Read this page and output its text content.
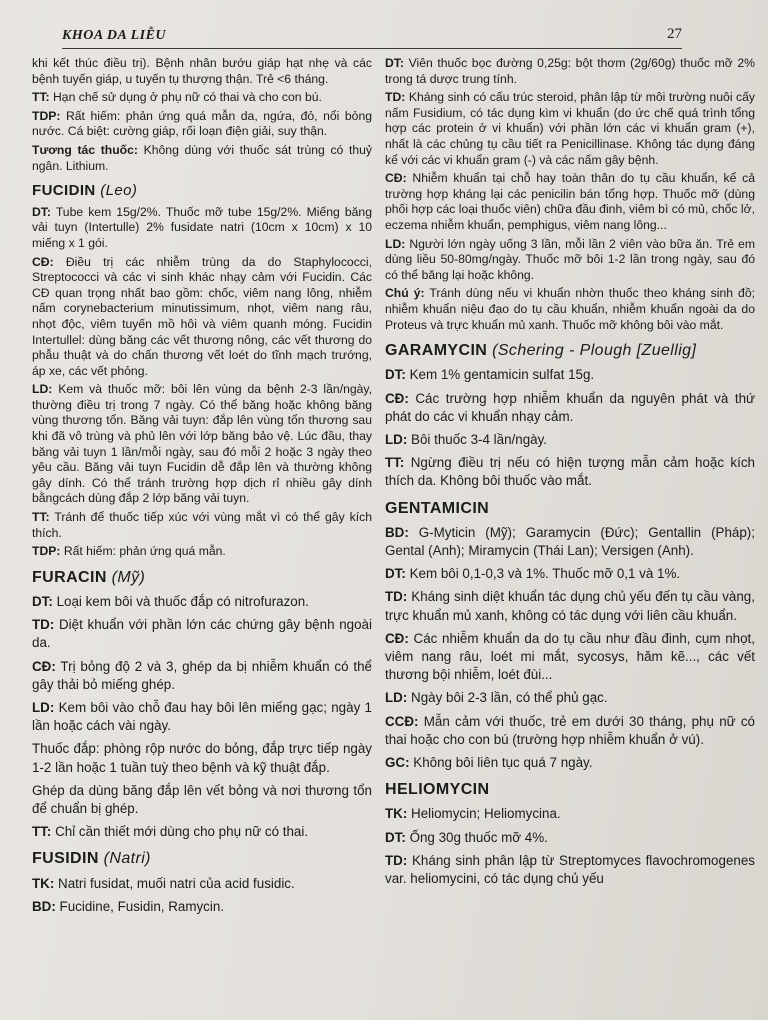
KHOA DA LIỄU	27
khi kết thúc điều trị). Bệnh nhân bướu giáp hạt nhẹ và các bệnh tuyến giáp, u tuyến tụ thượng thận. Trẻ <6 tháng.
TT: Hạn chế sử dụng ở phụ nữ có thai và cho con bú.
TDP: Rất hiếm: phản ứng quá mẫn da, ngứa, đỏ, nổi bỏng nước. Cá biệt: cường giáp, rối loạn điện giải, suy thận.
Tương tác thuốc: Không dùng với thuốc sát trùng có thuỷ ngân. Lithium.
FUCIDIN (Leo)
DT: Tube kem 15g/2%. Thuốc mỡ tube 15g/2%. Miếng băng vải tuyn (Intertulle) 2% fusidate natri (10cm x 10cm) x 10 miếng x 1 gói.
CĐ: Điều trị các nhiễm trùng da do Staphylococci, Streptococci và các vi sinh khác nhạy cảm với Fucidin. Các CĐ quan trọng nhất bao gồm: chốc, viêm nang lông, nhiễm nấm corynebacterium minutissimum, nhọt, viêm nang râu, nhọt độc, viêm tuyến mồ hôi và viêm quanh móng. Fucidin Intertullel: dùng băng các vết thương nông, các vết thương do phẫu thuật và do chấn thương vết loét do tĩnh mạch trướng, áp xe, các vết phỏng.
LD: Kem và thuốc mỡ: bôi lên vùng da bệnh 2-3 lần/ngày, thường điều trị trong 7 ngày. Có thể băng hoặc không băng vùng thương tổn. Băng vải tuyn: đắp lên vùng tổn thương sau khi đã vô trùng và phủ lên với lớp băng bảo vệ. Lúc đầu, thay băng vải tuyn 1 lần/mỗi ngày, sau đó mỗi 2 hoặc 3 ngày theo yêu cầu. Băng vải tuyn Fucidin dễ đắp lên và thường không gây dính. Có thể tránh trường hợp dịch rỉ nhiều gây dính bằngcách dùng đắp 2 lớp băng vải tuyn.
TT: Tránh để thuốc tiếp xúc với vùng mắt vì có thể gây kích thích.
TDP: Rất hiếm: phản ứng quá mẫn.
FURACIN (Mỹ)
DT: Loại kem bôi và thuốc đắp có nitrofurazon.
TD: Diệt khuẩn với phần lớn các chứng gây bệnh ngoài da.
CĐ: Trị bỏng độ 2 và 3, ghép da bị nhiễm khuẩn có thể gây thải bỏ miếng ghép.
LD: Kem bôi vào chỗ đau hay bôi lên miếng gạc; ngày 1 lần hoặc cách vài ngày.
Thuốc đắp: phòng rộp nước do bỏng, đắp trực tiếp ngày 1-2 lần hoặc 1 tuần tuỳ theo bệnh và kỹ thuật đắp.
Ghép da dùng băng đắp lên vết bỏng và nơi thương tổn để chuẩn bị ghép.
TT: Chỉ cần thiết mới dùng cho phụ nữ có thai.
FUSIDIN (Natri)
TK: Natri fusidat, muối natri của acid fusidic.
BD: Fucidine, Fusidin, Ramycin.
DT: Viên thuốc bọc đường 0,25g: bột thơm (2g/60g) thuốc mỡ 2% trong tá dược trung tính.
TD: Kháng sinh có cấu trúc steroid, phân lập từ môi trường nuôi cấy nấm Fusidium, có tác dụng kìm vi khuẩn (do ức chế quá trình tổng hợp các protein ở vi khuẩn) với phần lớn các vi khuẩn gram (+), nhất là các chủng tụ cầu tiết ra Penicillinase. Không tác dụng đáng kể với các vi khuẩn gram (-) và các nấm gây bệnh.
CĐ: Nhiễm khuẩn tại chỗ hay toàn thân do tụ cầu khuẩn, kể cả trường hợp kháng lại các penicilin bán tổng hợp. Thuốc mỡ (dùng phối hợp các loại thuốc viên) chữa đầu đinh, viêm bì có mủ, chốc lở, eczema nhiễm khuẩn, pemphigus, viêm nang lông...
LD: Người lớn ngày uống 3 lần, mỗi lần 2 viên vào bữa ăn. Trẻ em dùng liều 50-80mg/ngày. Thuốc mỡ bôi 1-2 lần trong ngày, sau đó có thể băng lại hoặc không.
Chú ý: Tránh dùng nếu vi khuẩn nhờn thuốc theo kháng sinh đồ; nhiễm khuẩn niệu đạo do tụ cầu khuẩn, nhiễm khuẩn ngoài da do Proteus và trực khuẩn mủ xanh. Thuốc mỡ không bôi vào mắt.
GARAMYCIN (Schering - Plough [Zuellig]
DT: Kem 1% gentamicin sulfat 15g.
CĐ: Các trường hợp nhiễm khuẩn da nguyên phát và thứ phát do các vi khuẩn nhạy cảm.
LD: Bôi thuốc 3-4 lần/ngày.
TT: Ngừng điều trị nếu có hiện tượng mẫn cảm hoặc kích thích da. Không bôi thuốc vào mắt.
GENTAMICIN
BD: G-Myticin (Mỹ); Garamycin (Đức); Gentallin (Pháp); Gental (Anh); Miramycin (Thái Lan); Versigen (Anh).
DT: Kem bôi 0,1-0,3 và 1%. Thuốc mỡ 0,1 và 1%.
TD: Kháng sinh diệt khuẩn tác dụng chủ yếu đến tụ cầu vàng, trực khuẩn mủ xanh, không có tác dụng với liên cầu khuẩn.
CĐ: Các nhiễm khuẩn da do tụ cầu như đầu đinh, cụm nhọt, viêm nang râu, loét mi mắt, sycosys, hăm kẽ..., các vết thương bội nhiễm, loét đùi...
LD: Ngày bôi 2-3 lần, có thể phủ gạc.
CCĐ: Mẫn cảm với thuốc, trẻ em dưới 30 tháng, phụ nữ có thai hoặc cho con bú (trường hợp nhiễm khuẩn ở vú).
GC: Không bôi liên tục quá 7 ngày.
HELIOMYCIN
TK: Heliomycin; Heliomycina.
DT: Ống 30g thuốc mỡ 4%.
TD: Kháng sinh phân lập từ Streptomyces flavochromogenes var. heliomycini, có tác dụng chủ yếu
